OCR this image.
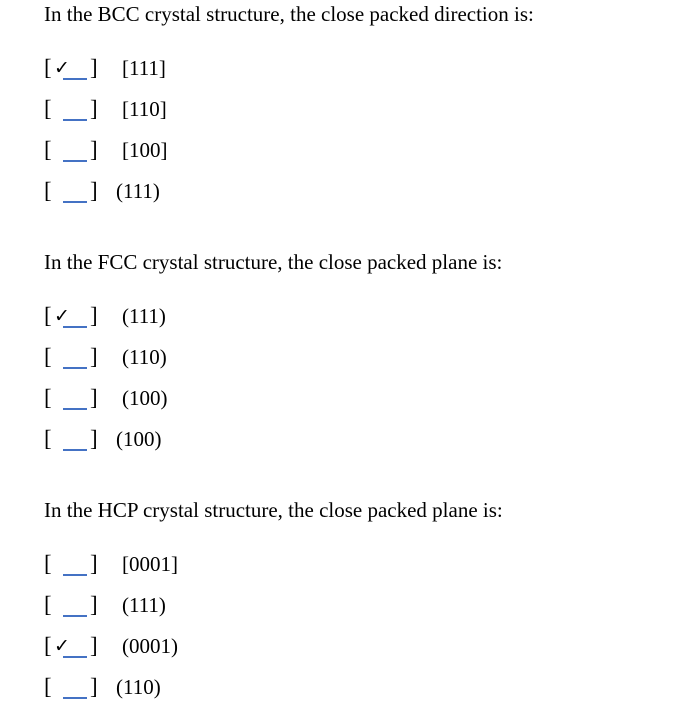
In the BCC crystal structure, the close packed direction is:
[ ✓ ] [111]
[ ] [110]
[ ] [100]
[ ] (111)
In the FCC crystal structure, the close packed plane is:
[ ✓ ] (111)
[ ] (110)
[ ] (100)
[ ] (100)
In the HCP crystal structure, the close packed plane is:
[ ] [0001]
[ ] (111)
[ ✓ ] (0001)
[ ] (110)
